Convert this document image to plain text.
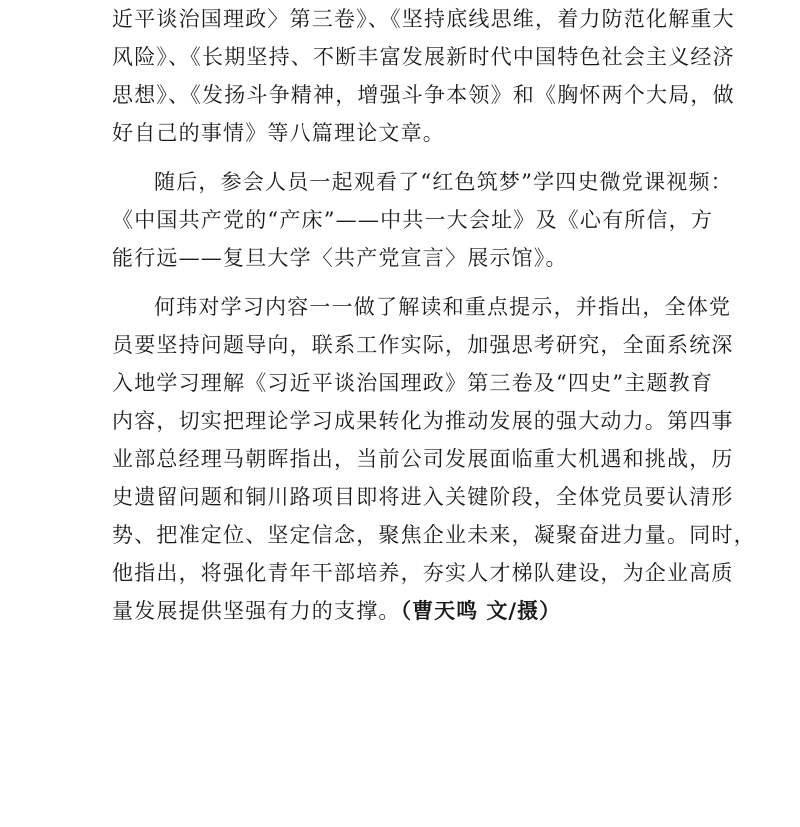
近平谈治国理政〉第三卷》、《坚持底线思维，着力防范化解重大
风险》、《长期坚持、不断丰富发展新时代中国特色社会主义经济
思想》、《发扬斗争精神，增强斗争本领》和《胸怀两个大局，做
好自己的事情》等八篇理论文章。
随后，参会人员一起观看了“红色筑梦”学四史微党课视频：
《中国共产党的“产床”——中共一大会址》及《心有所信，方
能行远——复旦大学〈共产党宣言〉展示馆》。
何玮对学习内容一一做了解读和重点提示，并指出，全体党
员要坚持问题导向，联系工作实际，加强思考研究，全面系统深
入地学习理解《习近平谈治国理政》第三卷及“四史”主题教育
内容，切实把理论学习成果转化为推动发展的强大动力。第四事
业部总经理马朝晖指出，当前公司发展面临重大机遇和挑战，历
史遗留问题和铜川路项目即将进入关键阶段，全体党员要认清形
势、把准定位、坚定信念，聚焦企业未来，凝聚奋进力量。同时，
他指出，将强化青年干部培养，夯实人才梯队建设，为企业高质
量发展提供坚强有力的支撑。（曹天鸣 文/摄）
